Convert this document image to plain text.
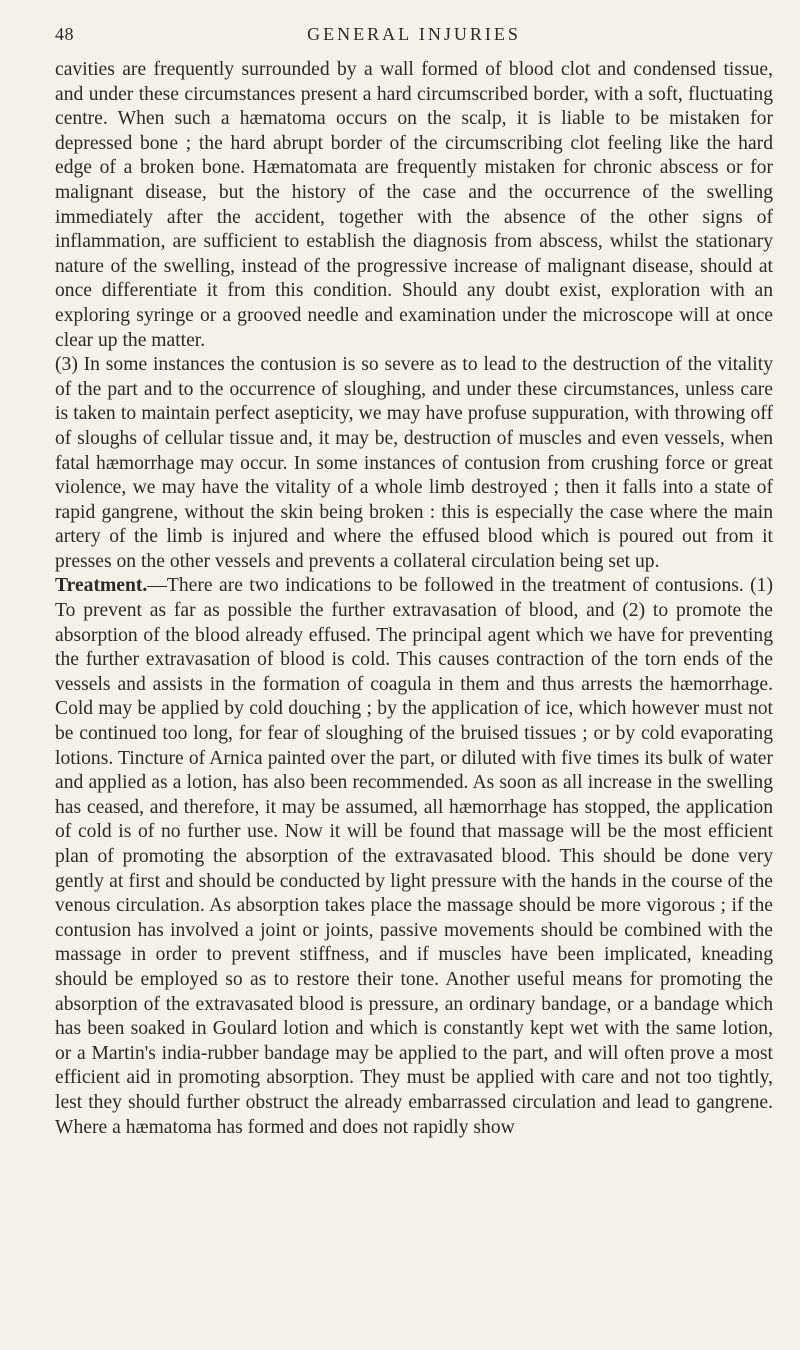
48	GENERAL INJURIES

cavities are frequently surrounded by a wall formed of blood clot and condensed tissue, and under these circumstances present a hard circumscribed border, with a soft, fluctuating centre. When such a hæmatoma occurs on the scalp, it is liable to be mistaken for depressed bone ; the hard abrupt border of the circumscribing clot feeling like the hard edge of a broken bone. Hæmatomata are frequently mistaken for chronic abscess or for malignant disease, but the history of the case and the occurrence of the swelling immediately after the accident, together with the absence of the other signs of inflammation, are sufficient to establish the diagnosis from abscess, whilst the stationary nature of the swelling, instead of the progressive increase of malignant disease, should at once differentiate it from this condition. Should any doubt exist, exploration with an exploring syringe or a grooved needle and examination under the microscope will at once clear up the matter.

(3) In some instances the contusion is so severe as to lead to the destruction of the vitality of the part and to the occurrence of sloughing, and under these circumstances, unless care is taken to maintain perfect asepticity, we may have profuse suppuration, with throwing off of sloughs of cellular tissue and, it may be, destruction of muscles and even vessels, when fatal hæmorrhage may occur. In some instances of contusion from crushing force or great violence, we may have the vitality of a whole limb destroyed ; then it falls into a state of rapid gangrene, without the skin being broken : this is especially the case where the main artery of the limb is injured and where the effused blood which is poured out from it presses on the other vessels and prevents a collateral circulation being set up.

Treatment.—There are two indications to be followed in the treatment of contusions. (1) To prevent as far as possible the further extravasation of blood, and (2) to promote the absorption of the blood already effused. The principal agent which we have for preventing the further extravasation of blood is cold. This causes contraction of the torn ends of the vessels and assists in the formation of coagula in them and thus arrests the hæmorrhage. Cold may be applied by cold douching ; by the application of ice, which however must not be continued too long, for fear of sloughing of the bruised tissues ; or by cold evaporating lotions. Tincture of Arnica painted over the part, or diluted with five times its bulk of water and applied as a lotion, has also been recommended. As soon as all increase in the swelling has ceased, and therefore, it may be assumed, all hæmorrhage has stopped, the application of cold is of no further use. Now it will be found that massage will be the most efficient plan of promoting the absorption of the extravasated blood. This should be done very gently at first and should be conducted by light pressure with the hands in the course of the venous circulation. As absorption takes place the massage should be more vigorous ; if the contusion has involved a joint or joints, passive movements should be combined with the massage in order to prevent stiffness, and if muscles have been implicated, kneading should be employed so as to restore their tone. Another useful means for promoting the absorption of the extravasated blood is pressure, an ordinary bandage, or a bandage which has been soaked in Goulard lotion and which is constantly kept wet with the same lotion, or a Martin's india-rubber bandage may be applied to the part, and will often prove a most efficient aid in promoting absorption. They must be applied with care and not too tightly, lest they should further obstruct the already embarrassed circulation and lead to gangrene. Where a hæmatoma has formed and does not rapidly show
